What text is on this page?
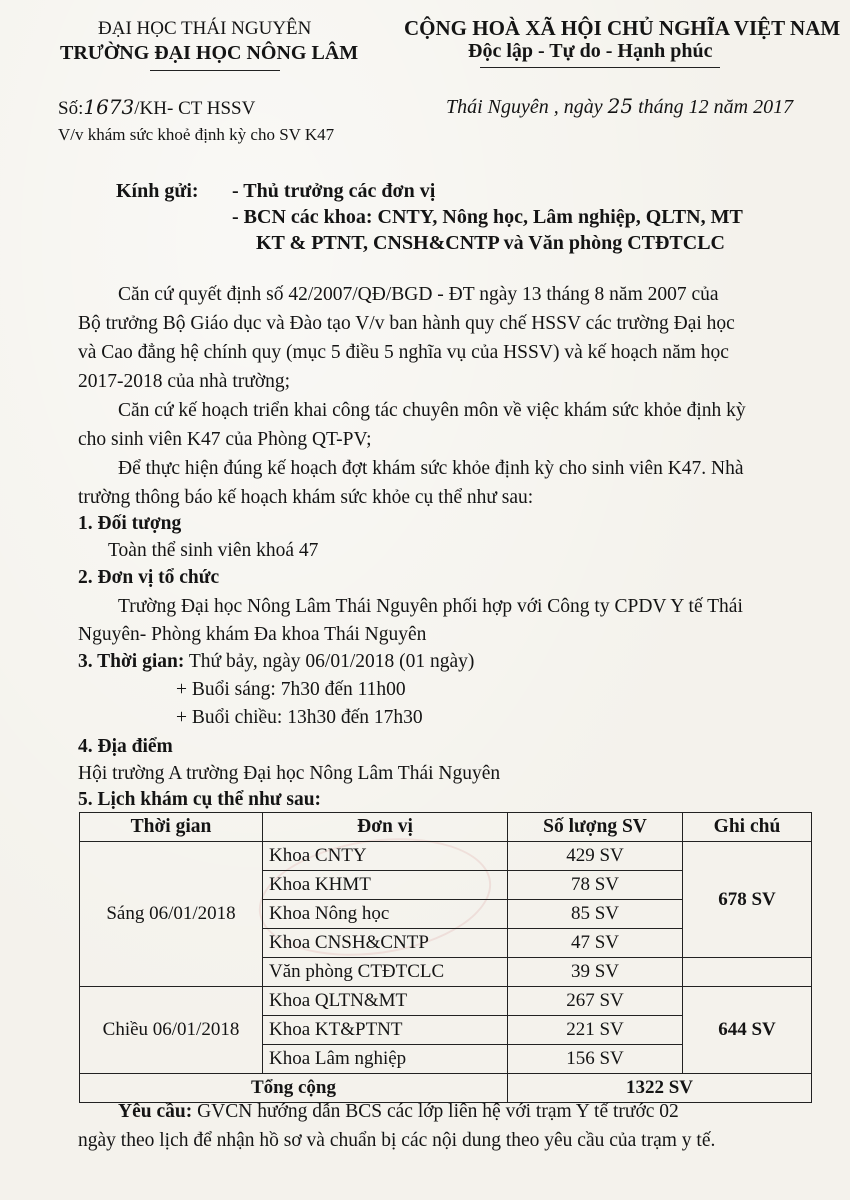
ĐẠI HỌC THÁI NGUYÊN
TRƯỜNG ĐẠI HỌC NÔNG LÂM
CỘNG HOÀ XÃ HỘI CHỦ NGHĨA VIỆT NAM
Độc lập - Tự do - Hạnh phúc
Số:1673/KH- CT HSSV	Thái Nguyên , ngày 25 tháng 12 năm 2017
V/v khám sức khoẻ định kỳ cho SV K47
Kính gửi: - Thủ trưởng các đơn vị
- BCN các khoa: CNTY, Nông học, Lâm nghiệp, QLTN, MT
KT & PTNT, CNSH&CNTP và Văn phòng CTĐTCLC
Căn cứ quyết định số 42/2007/QĐ/BGD - ĐT ngày 13 tháng 8 năm 2007 của
Bộ trưởng Bộ Giáo dục và Đào tạo V/v ban hành quy chế HSSV các trường Đại học
và Cao đẳng hệ chính quy (mục 5 điều 5 nghĩa vụ của HSSV) và kế hoạch năm học
2017-2018 của nhà trường;
Căn cứ kế hoạch triển khai công tác chuyên môn về việc khám sức khỏe định kỳ
cho sinh viên K47 của Phòng QT-PV;
Để thực hiện đúng kế hoạch đợt khám sức khỏe định kỳ cho sinh viên K47. Nhà
trường thông báo kế hoạch khám sức khỏe cụ thể như sau:
1. Đối tượng
Toàn thể sinh viên khoá 47
2. Đơn vị tổ chức
Trường Đại học Nông Lâm Thái Nguyên phối hợp với Công ty CPDV Y tế Thái
Nguyên- Phòng khám Đa khoa Thái Nguyên
3. Thời gian: Thứ bảy, ngày 06/01/2018 (01 ngày)
+ Buổi sáng: 7h30 đến 11h00
+ Buổi chiều: 13h30 đến 17h30
4. Địa điểm
Hội trường A trường Đại học Nông Lâm Thái Nguyên
5. Lịch khám cụ thể như sau:
Thời gian	Đơn vị	Số lượng SV	Ghi chú
Sáng 06/01/2018	Khoa CNTY	429 SV	678 SV
	Khoa KHMT	78 SV	
	Khoa Nông học	85 SV	
	Khoa CNSH&CNTP	47 SV	
	Văn phòng CTĐTCLC	39 SV	
Chiều 06/01/2018	Khoa QLTN&MT	267 SV	644 SV
	Khoa KT&PTNT	221 SV	
	Khoa Lâm nghiệp	156 SV	
Tổng cộng		1322 SV	
Yêu cầu: GVCN hướng dẫn BCS các lớp liên hệ với trạm Y tế trước 02
ngày theo lịch để nhận hồ sơ và chuẩn bị các nội dung theo yêu cầu của trạm y tế.
